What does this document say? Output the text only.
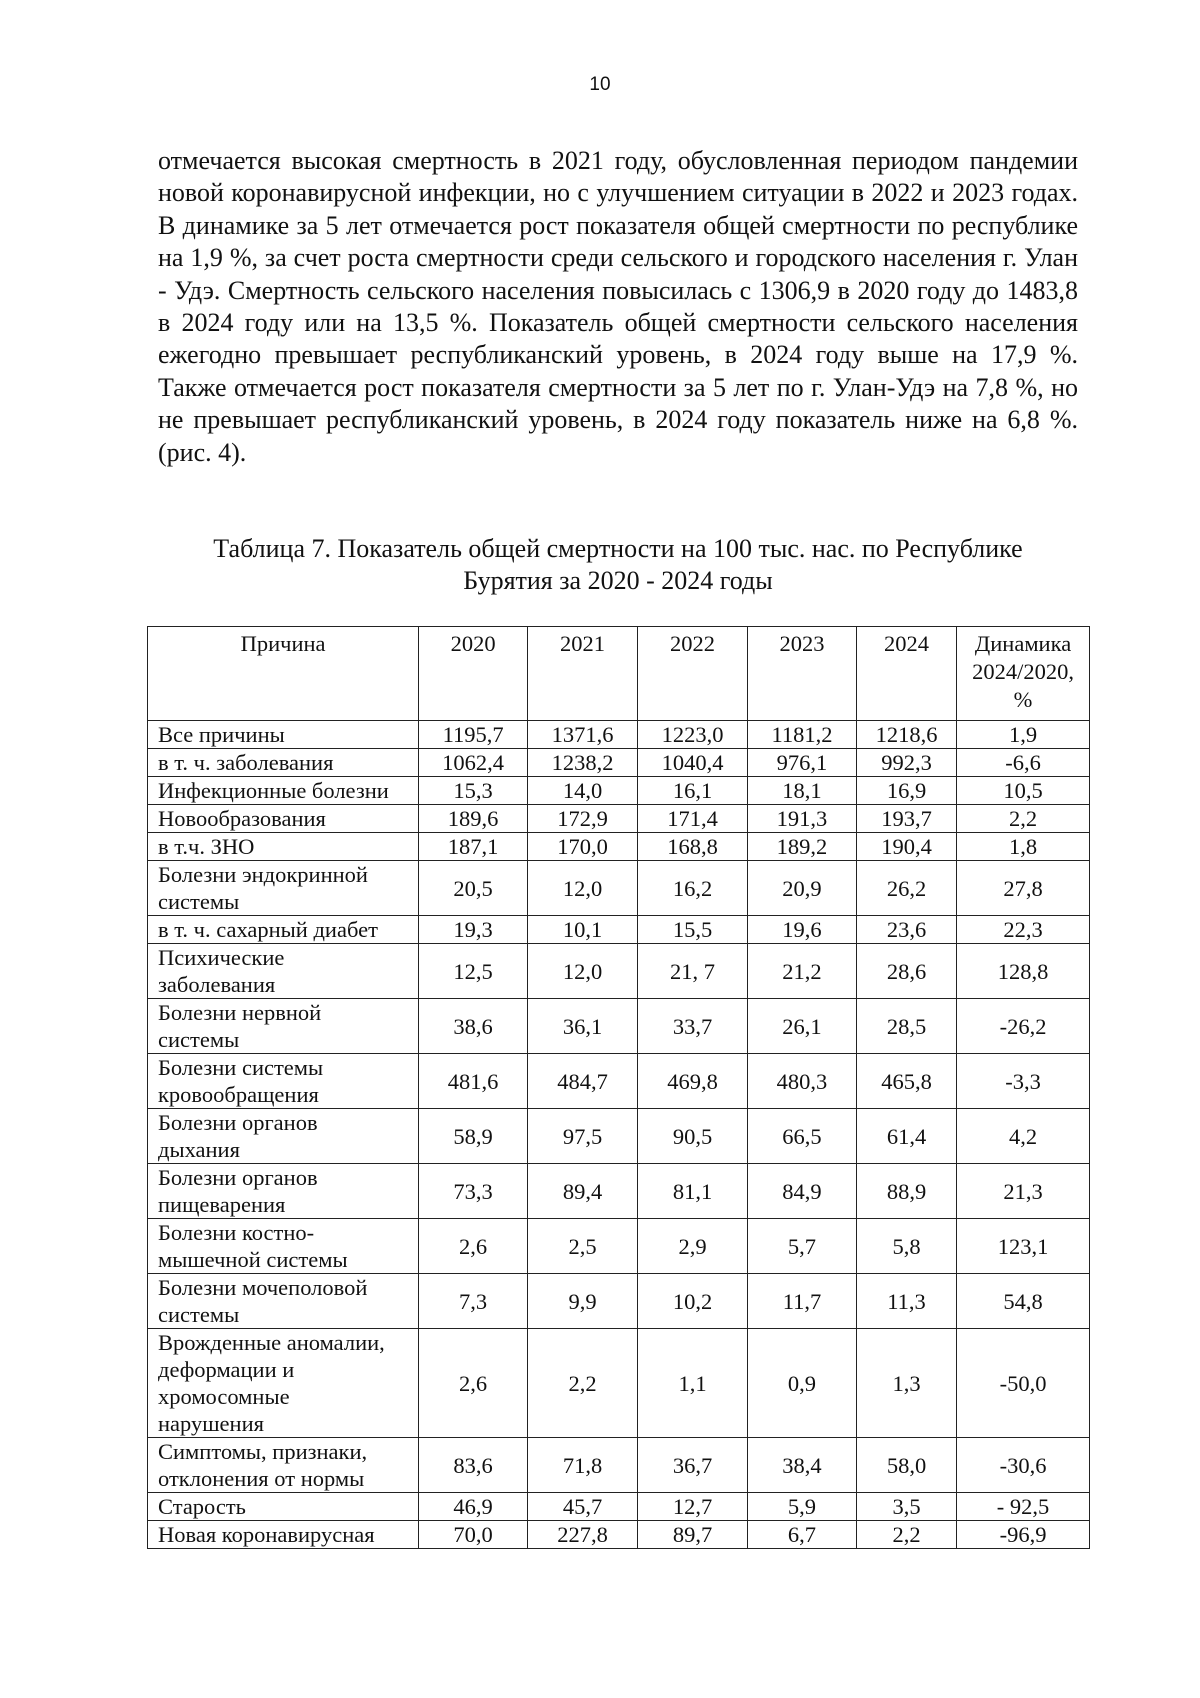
10
отмечается высокая смертность в 2021 году, обусловленная периодом пандемии новой коронавирусной инфекции, но с улучшением ситуации в 2022 и 2023 годах. В динамике за 5 лет отмечается рост показателя общей смертности по республике на 1,9 %, за счет роста смертности среди сельского и городского населения г. Улан - Удэ. Смертность сельского населения повысилась с 1306,9 в 2020 году до 1483,8 в 2024 году или на 13,5 %. Показатель общей смертности сельского населения ежегодно превышает республиканский уровень, в 2024 году выше на 17,9 %. Также отмечается рост показателя смертности за 5 лет по г. Улан-Удэ на 7,8 %, но не превышает республиканский уровень, в 2024 году показатель ниже на 6,8 %. (рис. 4).
Таблица 7. Показатель общей смертности на 100 тыс. нас. по Республике
Бурятия за 2020 - 2024 годы
Причина	2020	2021	2022	2023	2024	Динамика
2024/2020,
%

Все причины	1195,7	1371,6	1223,0	1181,2	1218,6	1,9

в т. ч. заболевания	1062,4	1238,2	1040,4	976,1	992,3	-6,6

Инфекционные болезни	15,3	14,0	16,1	18,1	16,9	10,5

Новообразования	189,6	172,9	171,4	191,3	193,7	2,2

в т.ч. ЗНО	187,1	170,0	168,8	189,2	190,4	1,8

Болезни эндокринной
системы	20,5	12,0	16,2	20,9	26,2	27,8

в т. ч. сахарный диабет	19,3	10,1	15,5	19,6	23,6	22,3

Психические
заболевания	12,5	12,0	21, 7	21,2	28,6	128,8

Болезни нервной
системы	38,6	36,1	33,7	26,1	28,5	-26,2

Болезни системы
кровообращения	481,6	484,7	469,8	480,3	465,8	-3,3

Болезни органов
дыхания	58,9	97,5	90,5	66,5	61,4	4,2

Болезни органов
пищеварения	73,3	89,4	81,1	84,9	88,9	21,3

Болезни костно-
мышечной системы	2,6	2,5	2,9	5,7	5,8	123,1

Болезни мочеполовой
системы	7,3	9,9	10,2	11,7	11,3	54,8

Врожденные аномалии,
деформации и
хромосомные
нарушения	2,6	2,2	1,1	0,9	1,3	-50,0

Симптомы, признаки,
отклонения от нормы	83,6	71,8	36,7	38,4	58,0	-30,6

Старость	46,9	45,7	12,7	5,9	3,5	- 92,5

Новая коронавирусная	70,0	227,8	89,7	6,7	2,2	-96,9
